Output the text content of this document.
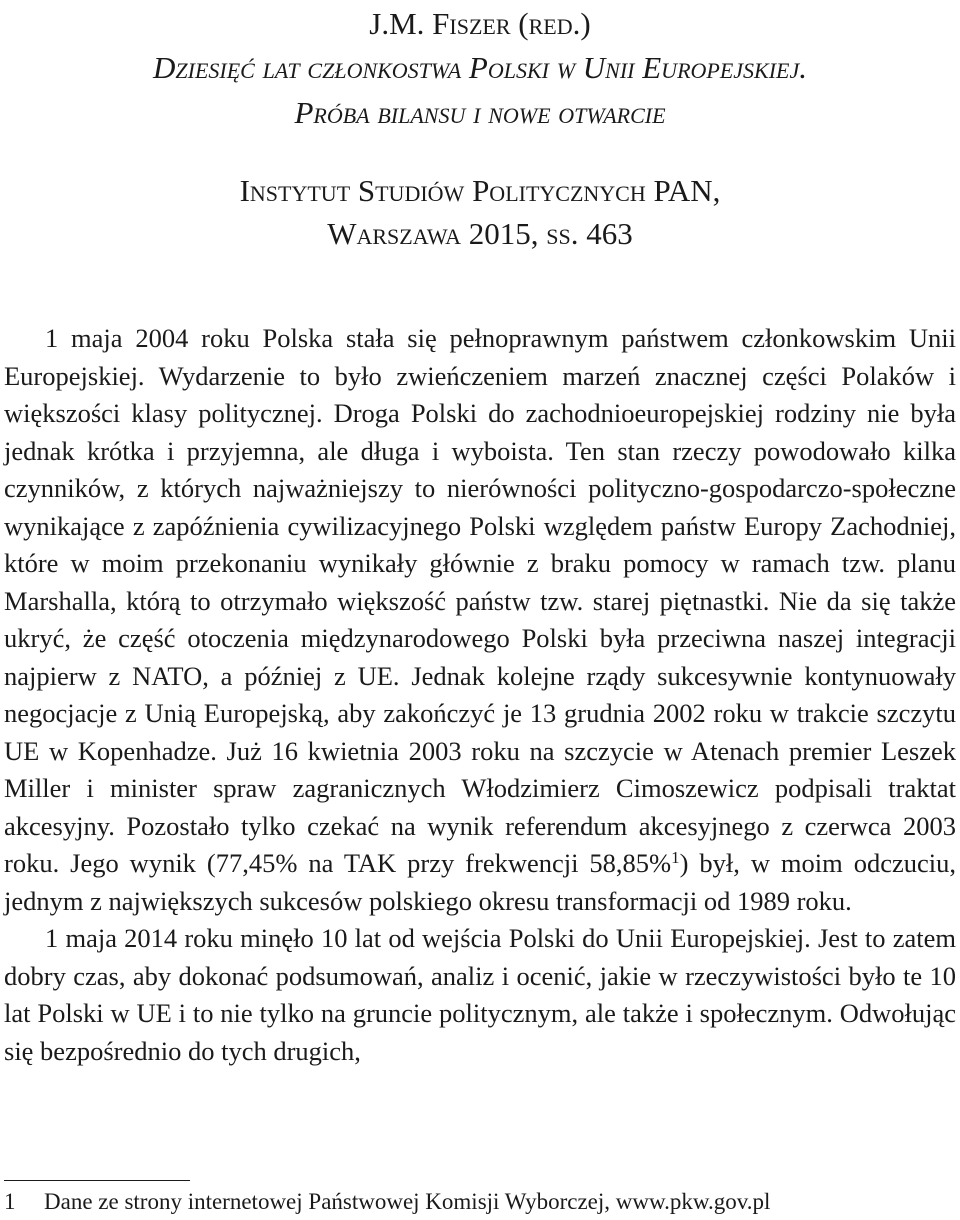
J.M. Fiszer (red.)
Dziesięć lat członkostwa Polski w Unii Europejskiej.
Próba bilansu i nowe otwarcie
Instytut Studiów Politycznych PAN,
Warszawa 2015, ss. 463

1 maja 2004 roku Polska stała się pełnoprawnym państwem członkowskim Unii Europejskiej. Wydarzenie to było zwieńczeniem marzeń znacznej części Polaków i większości klasy politycznej. Droga Polski do zachodnioeuropejskiej rodziny nie była jednak krótka i przyjemna, ale długa i wyboista. Ten stan rzeczy powodowało kilka czynników, z których najważniejszy to nierówności polityczno-gospodarczo-społeczne wynikające z zapóźnienia cywilizacyjnego Polski względem państw Europy Zachodniej, które w moim przekonaniu wynikały głównie z braku pomocy w ramach tzw. planu Marshalla, którą to otrzymało większość państw tzw. starej piętnastki. Nie da się także ukryć, że część otoczenia międzynarodowego Polski była przeciwna naszej integracji najpierw z NATO, a później z UE. Jednak kolejne rządy sukcesywnie kontynuowały negocjacje z Unią Europejską, aby zakończyć je 13 grudnia 2002 roku w trakcie szczytu UE w Kopenhadze. Już 16 kwietnia 2003 roku na szczycie w Atenach premier Leszek Miller i minister spraw zagranicznych Włodzimierz Cimoszewicz podpisali traktat akcesyjny. Pozostało tylko czekać na wynik referendum akcesyjnego z czerwca 2003 roku. Jego wynik (77,45% na TAK przy frekwencji 58,85%$^1$) był, w moim odczuciu, jednym z największych sukcesów polskiego okresu transformacji od 1989 roku.

1 maja 2014 roku minęło 10 lat od wejścia Polski do Unii Europejskiej. Jest to zatem dobry czas, aby dokonać podsumowań, analiz i ocenić, jakie w rzeczywistości było te 10 lat Polski w UE i to nie tylko na gruncie politycznym, ale także i społecznym. Odwołując się bezpośrednio do tych drugich,

1 Dane ze strony internetowej Państwowej Komisji Wyborczej, www.pkw.gov.pl
